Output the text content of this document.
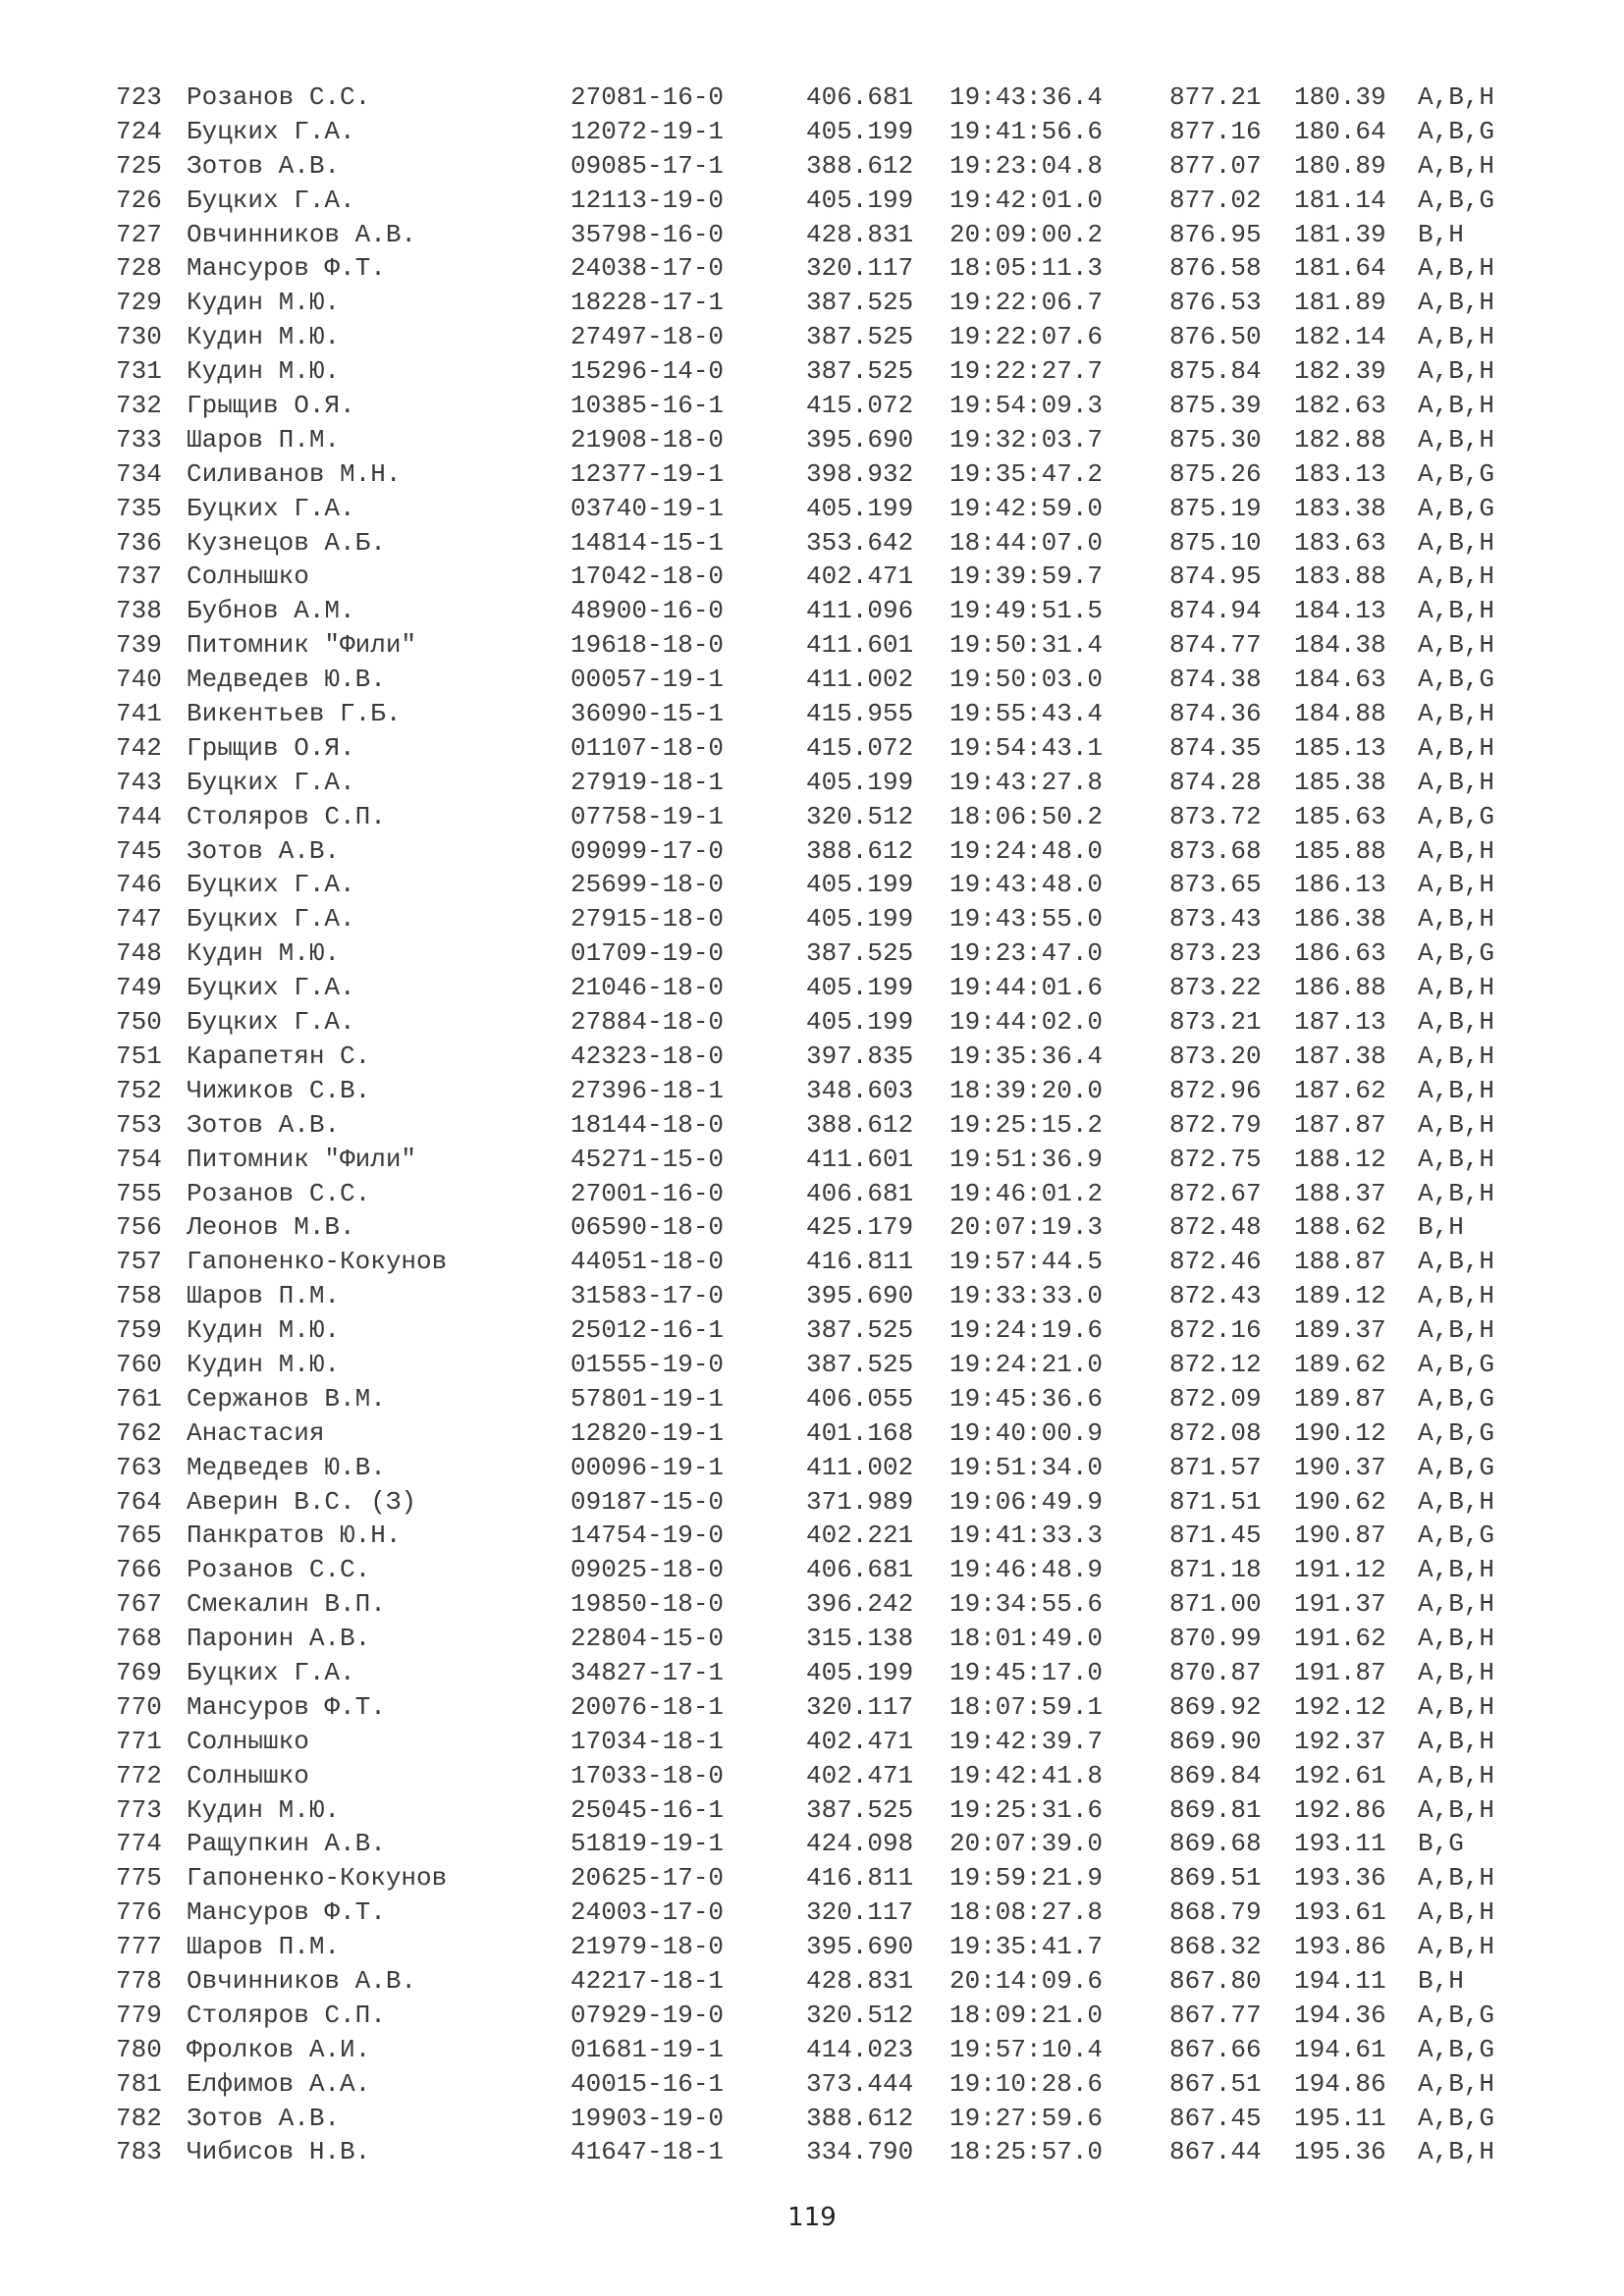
723 Розанов С.С.	27081-16-0	406.681 19:43:36.4	877.21 180.39 A,B,H
724 Буцких Г.А.	12072-19-1	405.199 19:41:56.6	877.16 180.64 A,B,G
725 Зотов А.В.	09085-17-1	388.612 19:23:04.8	877.07 180.89 A,B,H
726 Буцких Г.А.	12113-19-0	405.199 19:42:01.0	877.02 181.14 A,B,G
727 Овчинников А.В.	35798-16-0	428.831 20:09:00.2	876.95 181.39 B,H
728 Мансуров Ф.Т.	24038-17-0	320.117 18:05:11.3	876.58 181.64 A,B,H
729 Кудин М.Ю.	18228-17-1	387.525 19:22:06.7	876.53 181.89 A,B,H
730 Кудин М.Ю.	27497-18-0	387.525 19:22:07.6	876.50 182.14 A,B,H
731 Кудин М.Ю.	15296-14-0	387.525 19:22:27.7	875.84 182.39 A,B,H
732 Грыщив О.Я.	10385-16-1	415.072 19:54:09.3	875.39 182.63 A,B,H
733 Шаров П.М.	21908-18-0	395.690 19:32:03.7	875.30 182.88 A,B,H
734 Силиванов М.Н.	12377-19-1	398.932 19:35:47.2	875.26 183.13 A,B,G
735 Буцких Г.А.	03740-19-1	405.199 19:42:59.0	875.19 183.38 A,B,G
736 Кузнецов А.Б.	14814-15-1	353.642 18:44:07.0	875.10 183.63 A,B,H
737 Солнышко	17042-18-0	402.471 19:39:59.7	874.95 183.88 A,B,H
738 Бубнов А.М.	48900-16-0	411.096 19:49:51.5	874.94 184.13 A,B,H
739 Питомник "Фили"	19618-18-0	411.601 19:50:31.4	874.77 184.38 A,B,H
740 Медведев Ю.В.	00057-19-1	411.002 19:50:03.0	874.38 184.63 A,B,G
741 Викентьев Г.Б.	36090-15-1	415.955 19:55:43.4	874.36 184.88 A,B,H
742 Грыщив О.Я.	01107-18-0	415.072 19:54:43.1	874.35 185.13 A,B,H
743 Буцких Г.А.	27919-18-1	405.199 19:43:27.8	874.28 185.38 A,B,H
744 Столяров С.П.	07758-19-1	320.512 18:06:50.2	873.72 185.63 A,B,G
745 Зотов А.В.	09099-17-0	388.612 19:24:48.0	873.68 185.88 A,B,H
746 Буцких Г.А.	25699-18-0	405.199 19:43:48.0	873.65 186.13 A,B,H
747 Буцких Г.А.	27915-18-0	405.199 19:43:55.0	873.43 186.38 A,B,H
748 Кудин М.Ю.	01709-19-0	387.525 19:23:47.0	873.23 186.63 A,B,G
749 Буцких Г.А.	21046-18-0	405.199 19:44:01.6	873.22 186.88 A,B,H
750 Буцких Г.А.	27884-18-0	405.199 19:44:02.0	873.21 187.13 A,B,H
751 Карапетян С.	42323-18-0	397.835 19:35:36.4	873.20 187.38 A,B,H
752 Чижиков С.В.	27396-18-1	348.603 18:39:20.0	872.96 187.62 A,B,H
753 Зотов А.В.	18144-18-0	388.612 19:25:15.2	872.79 187.87 A,B,H
754 Питомник "Фили"	45271-15-0	411.601 19:51:36.9	872.75 188.12 A,B,H
755 Розанов С.С.	27001-16-0	406.681 19:46:01.2	872.67 188.37 A,B,H
756 Леонов М.В.	06590-18-0	425.179 20:07:19.3	872.48 188.62 B,H
757 Гапоненко-Кокунов	44051-18-0	416.811 19:57:44.5	872.46 188.87 A,B,H
758 Шаров П.М.	31583-17-0	395.690 19:33:33.0	872.43 189.12 A,B,H
759 Кудин М.Ю.	25012-16-1	387.525 19:24:19.6	872.16 189.37 A,B,H
760 Кудин М.Ю.	01555-19-0	387.525 19:24:21.0	872.12 189.62 A,B,G
761 Сержанов В.М.	57801-19-1	406.055 19:45:36.6	872.09 189.87 A,B,G
762 Анастасия	12820-19-1	401.168 19:40:00.9	872.08 190.12 A,B,G
763 Медведев Ю.В.	00096-19-1	411.002 19:51:34.0	871.57 190.37 A,B,G
764 Аверин В.С. (З)	09187-15-0	371.989 19:06:49.9	871.51 190.62 A,B,H
765 Панкратов Ю.Н.	14754-19-0	402.221 19:41:33.3	871.45 190.87 A,B,G
766 Розанов С.С.	09025-18-0	406.681 19:46:48.9	871.18 191.12 A,B,H
767 Смекалин В.П.	19850-18-0	396.242 19:34:55.6	871.00 191.37 A,B,H
768 Паронин А.В.	22804-15-0	315.138 18:01:49.0	870.99 191.62 A,B,H
769 Буцких Г.А.	34827-17-1	405.199 19:45:17.0	870.87 191.87 A,B,H
770 Мансуров Ф.Т.	20076-18-1	320.117 18:07:59.1	869.92 192.12 A,B,H
771 Солнышко	17034-18-1	402.471 19:42:39.7	869.90 192.37 A,B,H
772 Солнышко	17033-18-0	402.471 19:42:41.8	869.84 192.61 A,B,H
773 Кудин М.Ю.	25045-16-1	387.525 19:25:31.6	869.81 192.86 A,B,H
774 Ращупкин А.В.	51819-19-1	424.098 20:07:39.0	869.68 193.11 B,G
775 Гапоненко-Кокунов	20625-17-0	416.811 19:59:21.9	869.51 193.36 A,B,H
776 Мансуров Ф.Т.	24003-17-0	320.117 18:08:27.8	868.79 193.61 A,B,H
777 Шаров П.М.	21979-18-0	395.690 19:35:41.7	868.32 193.86 A,B,H
778 Овчинников А.В.	42217-18-1	428.831 20:14:09.6	867.80 194.11 B,H
779 Столяров С.П.	07929-19-0	320.512 18:09:21.0	867.77 194.36 A,B,G
780 Фролков А.И.	01681-19-1	414.023 19:57:10.4	867.66 194.61 A,B,G
781 Елфимов А.А.	40015-16-1	373.444 19:10:28.6	867.51 194.86 A,B,H
782 Зотов А.В.	19903-19-0	388.612 19:27:59.6	867.45 195.11 A,B,G
783 Чибисов Н.В.	41647-18-1	334.790 18:25:57.0	867.44 195.36 A,B,H
119
